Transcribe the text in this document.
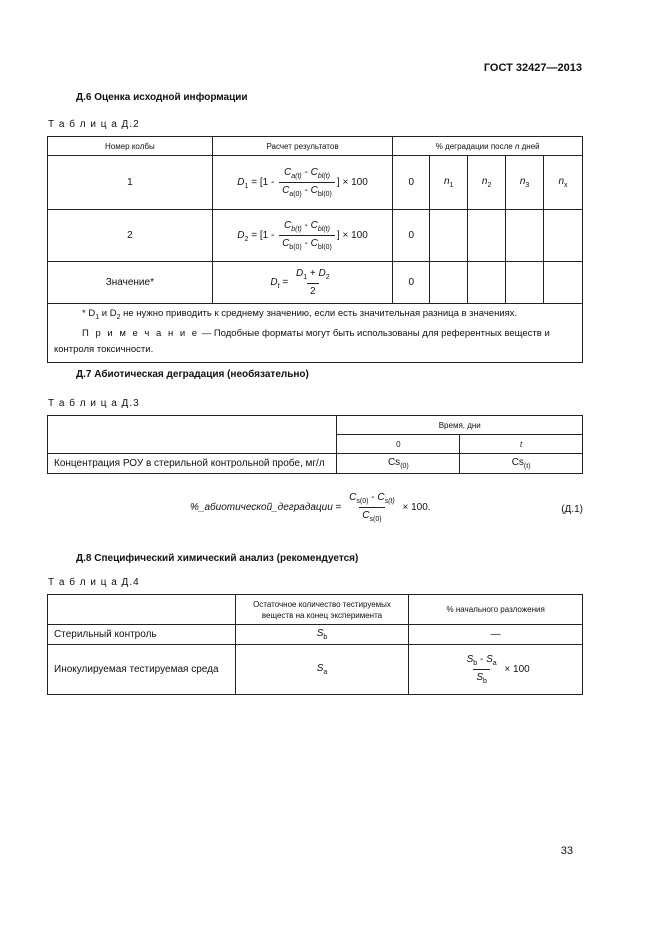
ГОСТ 32427—2013
Д.6 Оценка исходной информации
Т а б л и ц а Д.2
Номер колбы	Расчет результатов	% деградации после n дней				
1	$D_1 = [1 - \frac{C_{a(t)} - C_{bl(t)}}{C_{a(0)} - C_{bl(0)}}$ ] × 100	0	$n_1$	$n_2$	$n_3$	$n_x$
2	$D_2 = [1 - \frac{C_{b(t)} - C_{bl(t)}}{C_{b(0)} - C_{bl(0)}}$ ] × 100	0				
Значение*	$D_t = \frac{D_1 + D_2}{2}$	0				

* $D_1$ и $D_2$ не нужно приводить к среднему значению, если есть значительная разница в значениях.
П р и м е ч а н и е — Подобные форматы могут быть использованы для референтных веществ и контроля токсичности.						
Д.7 Абиотическая деградация (необязательно)
Т а б л и ц а Д.3
	Время, дни	
	0	t
Концентрация РОУ в стерильной контрольной пробе, мг/л	$Cs_{(0)}$	$Cs_{(t)}$
%_абиотической_деградации = $\frac{C_{s(0)} - C_{s(t)}}{C_{s(0)}} \times 100$.	(Д.1)
Д.8 Специфический химический анализ (рекомендуется)
Т а б л и ц а Д.4
	Остаточное количество тестируемых веществ на конец эксперимента	% начального разложения
Стерильный контроль	$S_b$	—
Инокулируемая тестируемая среда	$S_a$	$\frac{S_b - S_a}{S_b} \times 100$
33
